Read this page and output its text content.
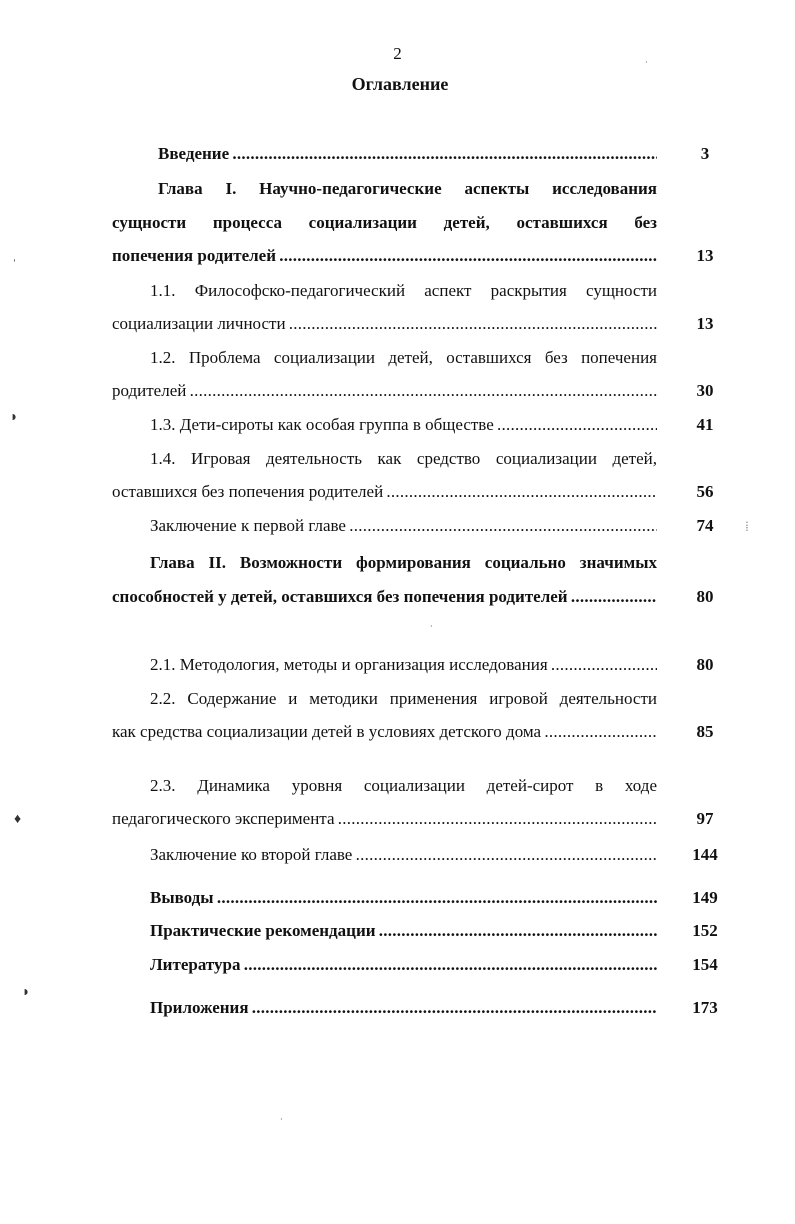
2
Оглавление
Введение . . .	3
Глава I. Научно-педагогические аспекты исследования
сущности процесса социализации детей, оставшихся без
попечения родителей . . .	13
1.1. Философско-педагогический аспект раскрытия сущности
социализации личности . . .	13
1.2. Проблема социализации детей, оставшихся без попечения
родителей . . .	30
1.3. Дети-сироты как особая группа в обществе . . .	41
1.4. Игровая деятельность как средство социализации детей,
оставшихся без попечения родителей . . .	56
Заключение к первой главе . . .	74
Глава II. Возможности формирования социально значимых
способностей у детей, оставшихся без попечения родителей . . .	80
2.1. Методология, методы и организация исследования . . .	80
2.2. Содержание и методики применения игровой деятельности
как средства социализации детей в условиях детского дома . . .	85
2.3. Динамика уровня социализации детей-сирот в ходе
педагогического эксперимента . . .	97
Заключение ко второй главе . . .	144
Выводы . . .	149
Практические рекомендации . . .	152
Литература . . .	154
Приложения . . .	173
ˈ
◗
♦
◗
⁞
·
·
·
